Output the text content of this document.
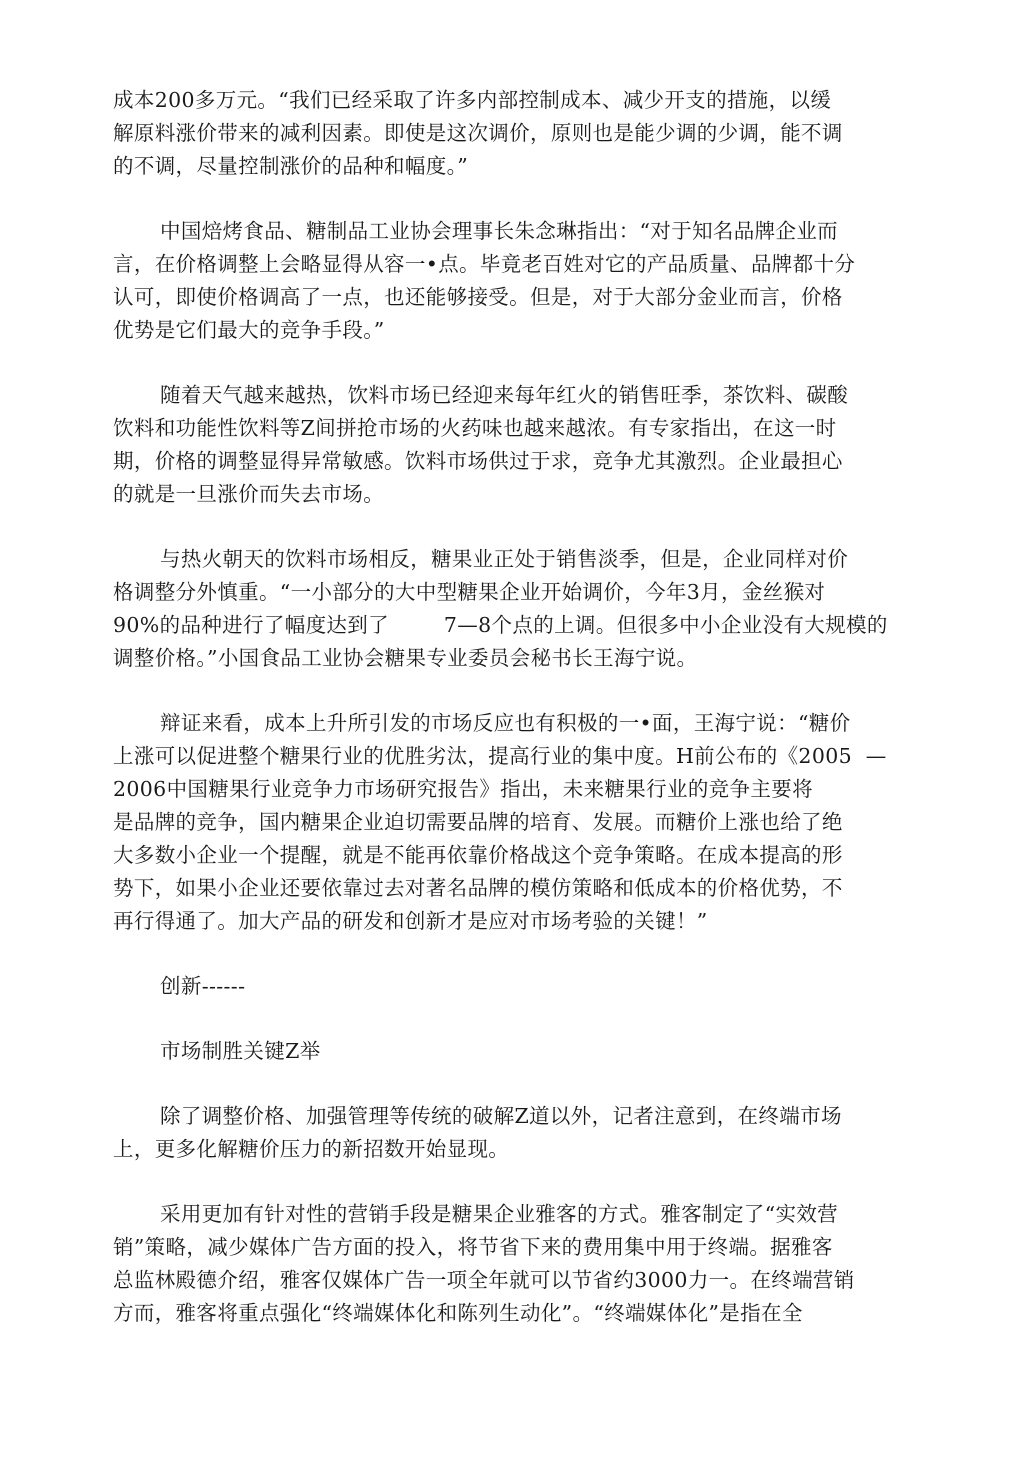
成本200多万元。“我们已经采取了许多内部控制成本、减少开支的措施，以缓
解原料涨价带来的减利因素。即使是这次调价，原则也是能少调的少调，能不调
的不调，尽量控制涨价的品种和幅度。”
中国焙烤食品、糖制品工业协会理事长朱念琳指出：“对于知名品牌企业而
言，在价格调整上会略显得从容一•点。毕竟老百姓对它的产品质量、品牌都十分
认可，即使价格调高了一点，也还能够接受。但是，对于大部分金业而言，价格
优势是它们最大的竞争手段。”
随着天气越来越热，饮料市场已经迎来每年红火的销售旺季，茶饮料、碳酸
饮料和功能性饮料等Z间拼抢市场的火药味也越来越浓。有专家指出，在这一时
期，价格的调整显得异常敏感。饮料市场供过于求，竞争尤其激烈。企业最担心
的就是一旦涨价而失去市场。
与热火朝天的饮料市场相反，糖果业正处于销售淡季，但是，企业同样对价
格调整分外慎重。“一小部分的大中型糖果企业开始调价，今年3月，金丝猴对
90%的品种进行了幅度达到了        7—8个点的上调。但很多中小企业没有大规模的
调整价格。”小国食品工业协会糖果专业委员会秘书长王海宁说。
辩证来看，成本上升所引发的市场反应也有积极的一•面，王海宁说：“糖价
上涨可以促进整个糖果行业的优胜劣汰，提高行业的集中度。H前公布的《2005  —
2006中国糖果行业竞争力市场研究报告》指出，未来糖果行业的竞争主要将
是品牌的竞争，国内糖果企业迫切需要品牌的培育、发展。而糖价上涨也给了绝
大多数小企业一个提醒，就是不能再依靠价格战这个竞争策略。在成本提高的形
势下，如果小企业还要依靠过去对著名品牌的模仿策略和低成本的价格优势，不
再行得通了。加大产品的研发和创新才是应对市场考验的关键！”
创新------
市场制胜关键Z举
除了调整价格、加强管理等传统的破解Z道以外，记者注意到，在终端市场
上，更多化解糖价压力的新招数开始显现。
采用更加有针对性的营销手段是糖果企业雅客的方式。雅客制定了“实效营
销”策略，减少媒体广告方面的投入，将节省下来的费用集中用于终端。据雅客
总监林殿德介绍，雅客仅媒体广告一项全年就可以节省约3000力一。在终端营销
方而，雅客将重点强化“终端媒体化和陈列生动化”。“终端媒体化”是指在全
